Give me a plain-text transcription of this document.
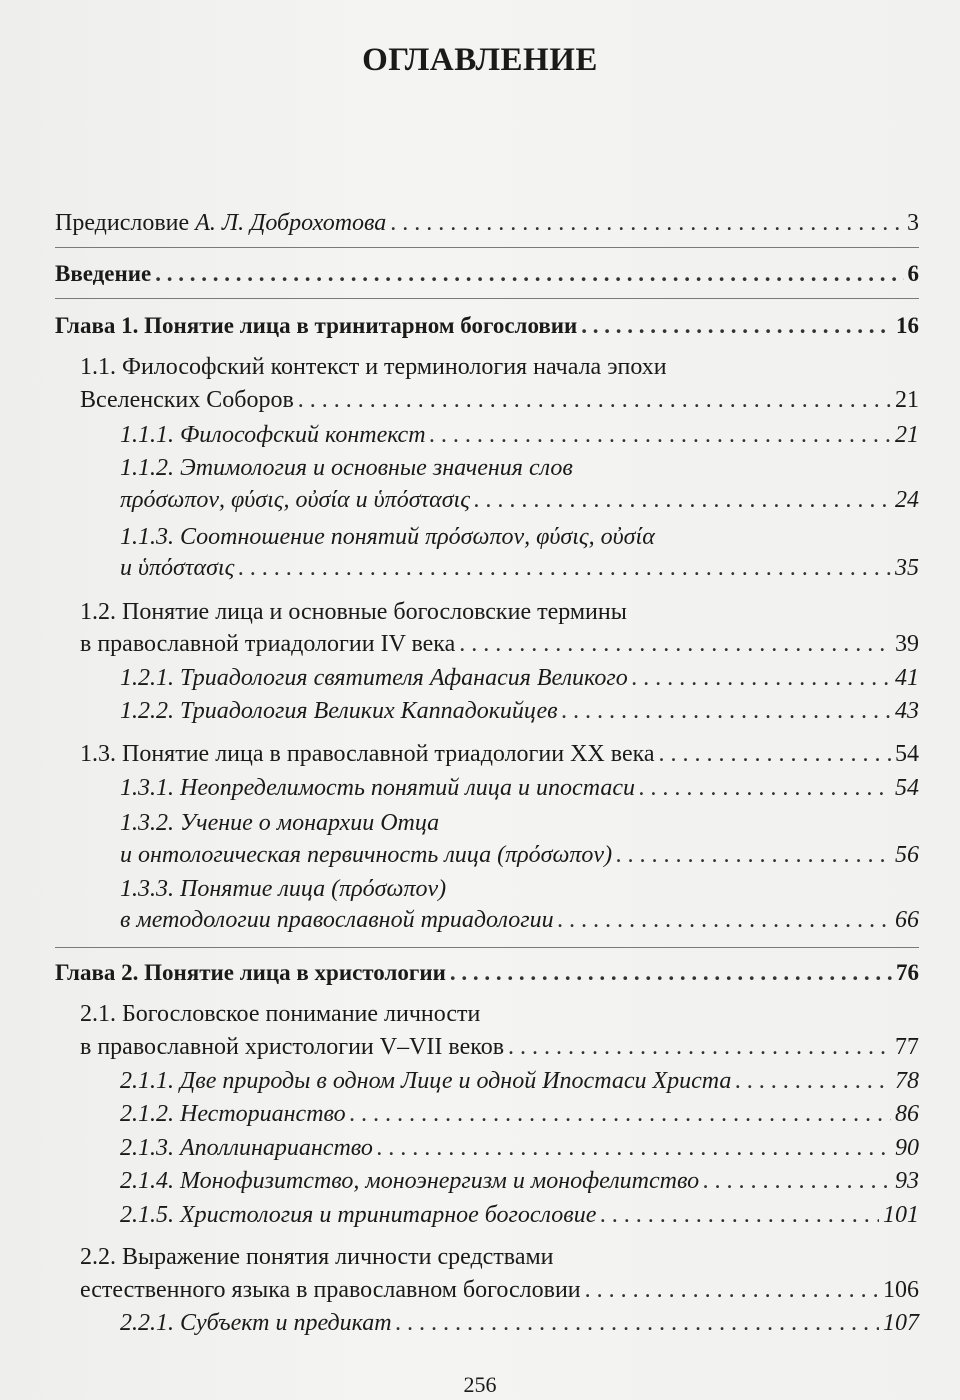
ОГЛАВЛЕНИЕ
Предисловие А. Л. Доброхотова . . .	3
Введение . . .	6
Глава 1. Понятие лица в тринитарном богословии . . .	16
1.1. Философский контекст и терминология начала эпохи
Вселенских Соборов . . .	21
1.1.1. Философский контекст . . .	21
1.1.2. Этимология и основные значения слов
πρόσωπον, φύσις, οὐσία и ὑπόστασις . . .	24
1.1.3. Соотношение понятий πρόσωπον, φύσις, οὐσία
и ὑπόστασις . . .	35
1.2. Понятие лица и основные богословские термины
в православной триадологии IV века . . .	39
1.2.1. Триадология святителя Афанасия Великого . . .	41
1.2.2. Триадология Великих Каппадокийцев . . .	43
1.3. Понятие лица в православной триадологии XX века . . .	54
1.3.1. Неопределимость понятий лица и ипостаси . . .	54
1.3.2. Учение о монархии Отца
и онтологическая первичность лица (πρόσωπον) . . .	56
1.3.3. Понятие лица (πρόσωπον)
в методологии православной триадологии . . .	66
Глава 2. Понятие лица в христологии . . .	76
2.1. Богословское понимание личности
в православной христологии V–VII веков . . .	77
2.1.1. Две природы в одном Лице и одной Ипостаси Христа . . .	78
2.1.2. Несторианство . . .	86
2.1.3. Аполлинарианство . . .	90
2.1.4. Монофизитство, моноэнергизм и монофелитство . . .	93
2.1.5. Христология и тринитарное богословие . . .	101
2.2. Выражение понятия личности средствами
естественного языка в православном богословии . . .	106
2.2.1. Субъект и предикат . . .	107
256
